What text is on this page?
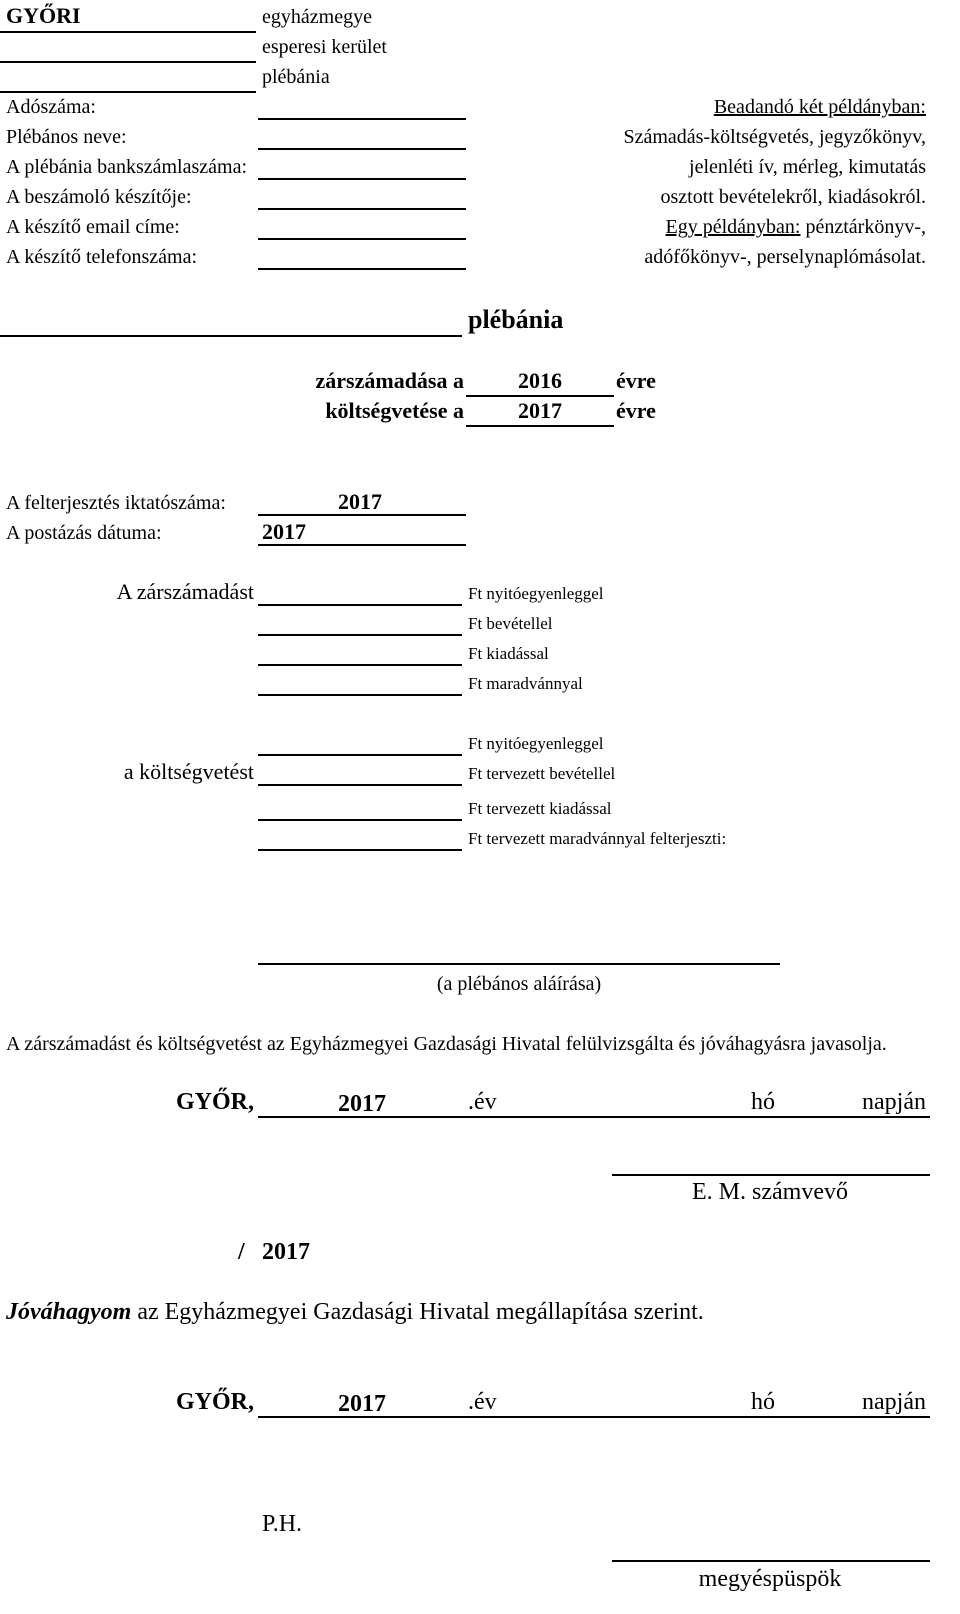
GYŐRI	egyházmegye
esperesi kerület
plébánia
Adószáma:
Plébános neve:
A plébánia bankszámlaszáma:
A beszámoló készítője:
A készítő email címe:
A készítő telefonszáma:
Beadandó két példányban:
Számadás-költségvetés, jegyzőkönyv,
jelenléti ív, mérleg, kimutatás
osztott bevételekről, kiadásokról.
Egy példányban: pénztárkönyv-,
adófőkönyv-, perselynaplómásolat.
plébánia
zárszámadása a	2016	évre
költségvetése a	2017	évre
A felterjesztés iktatószáma:	2017
A postázás dátuma:	2017
A zárszámadást	Ft nyitóegyenleggel
Ft bevétellel
Ft kiadással
Ft maradvánnyal
Ft nyitóegyenleggel
a költségvetést	Ft tervezett bevétellel
Ft tervezett kiadással
Ft tervezett maradvánnyal felterjeszti:
(a plébános aláírása)
A zárszámadást és költségvetést az Egyházmegyei Gazdasági Hivatal felülvizsgálta és jóváhagyásra javasolja.
GYŐR,	2017	.év	hó	napján
E. M. számvevő
/ 2017
Jóváhagyom az Egyházmegyei Gazdasági Hivatal megállapítása szerint.
GYŐR,	2017	.év	hó	napján
P.H.
megyéspüspök
